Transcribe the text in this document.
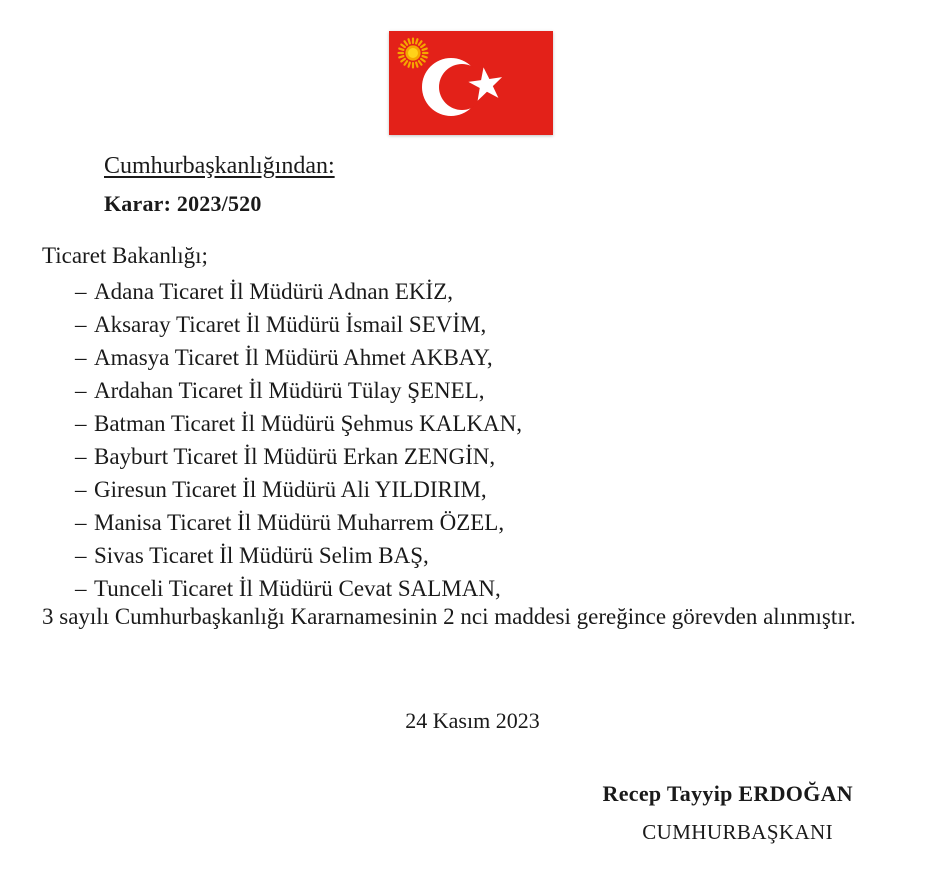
Cumhurbaşkanlığından:
Karar: 2023/520
Ticaret Bakanlığı;
– Adana Ticaret İl Müdürü Adnan EKİZ,
– Aksaray Ticaret İl Müdürü İsmail SEVİM,
– Amasya Ticaret İl Müdürü Ahmet AKBAY,
– Ardahan Ticaret İl Müdürü Tülay ŞENEL,
– Batman Ticaret İl Müdürü Şehmus KALKAN,
– Bayburt Ticaret İl Müdürü Erkan ZENGİN,
– Giresun Ticaret İl Müdürü Ali YILDIRIM,
– Manisa Ticaret İl Müdürü Muharrem ÖZEL,
– Sivas Ticaret İl Müdürü Selim BAŞ,
– Tunceli Ticaret İl Müdürü Cevat SALMAN,
3 sayılı Cumhurbaşkanlığı Kararnamesinin 2 nci maddesi gereğince görevden alınmıştır.
24 Kasım 2023
Recep Tayyip ERDOĞAN
CUMHURBAŞKANI
